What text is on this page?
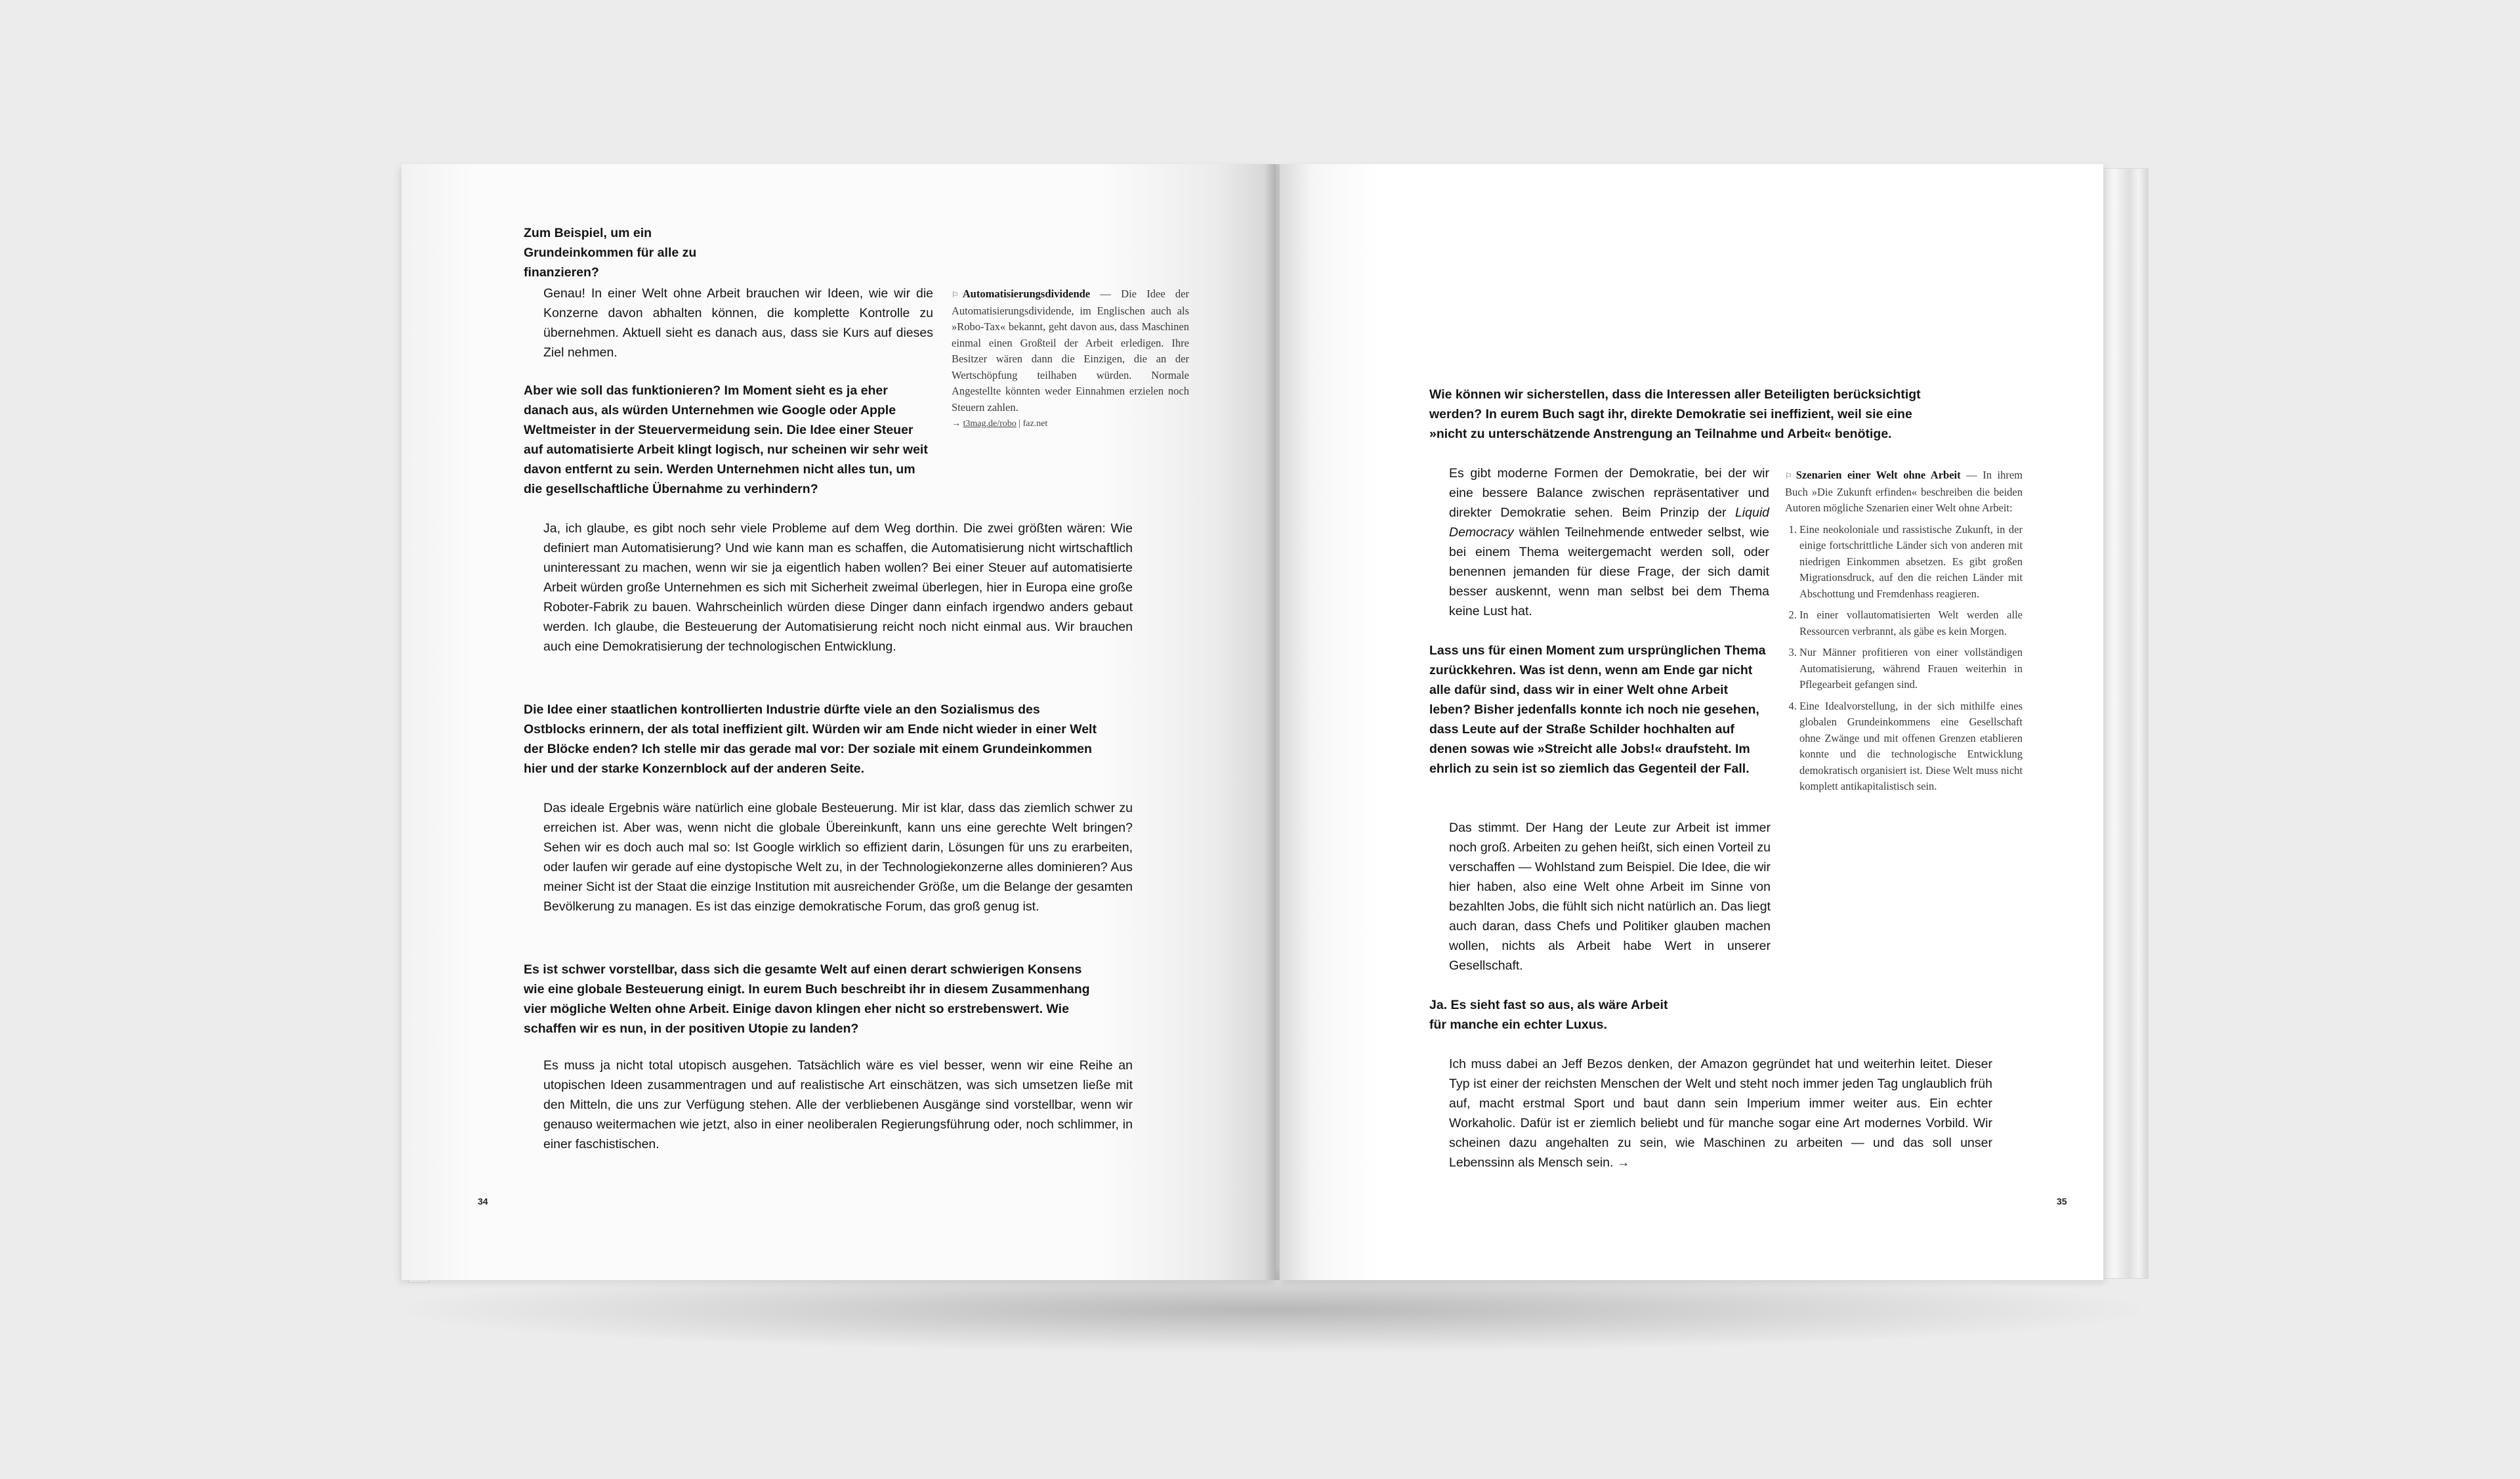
Zum Beispiel, um ein Grundeinkommen für alle zu finanzieren?

Genau! In einer Welt ohne Arbeit brauchen wir Ideen, wie wir die Konzerne davon abhalten können, die komplette Kontrolle zu übernehmen. Aktuell sieht es danach aus, dass sie Kurs auf dieses Ziel nehmen.

⚐ Automatisierungsdividende — Die Idee der Automatisierungsdividende, im Englischen auch als »Robo-Tax« bekannt, geht davon aus, dass Maschinen einmal einen Großteil der Arbeit erledigen. Ihre Besitzer wären dann die Einzigen, die an der Wertschöpfung teilhaben würden. Normale Angestellte könnten weder Einnahmen erzielen noch Steuern zahlen.
→ t3mag.de/robo | faz.net

Aber wie soll das funktionieren? Im Moment sieht es ja eher danach aus, als würden Unternehmen wie Google oder Apple Weltmeister in der Steuervermeidung sein. Die Idee einer Steuer auf automatisierte Arbeit klingt logisch, nur scheinen wir sehr weit davon entfernt zu sein. Werden Unternehmen nicht alles tun, um die gesellschaftliche Übernahme zu verhindern?

Ja, ich glaube, es gibt noch sehr viele Probleme auf dem Weg dorthin. Die zwei größten wären: Wie definiert man Automatisierung? Und wie kann man es schaffen, die Automatisierung nicht wirtschaftlich uninteressant zu machen, wenn wir sie ja eigentlich haben wollen? Bei einer Steuer auf automatisierte Arbeit würden große Unternehmen es sich mit Sicherheit zweimal überlegen, hier in Europa eine große Roboter-Fabrik zu bauen. Wahrscheinlich würden diese Dinger dann einfach irgendwo anders gebaut werden. Ich glaube, die Besteuerung der Automatisierung reicht noch nicht einmal aus. Wir brauchen auch eine Demokratisierung der technologischen Entwicklung.

Die Idee einer staatlichen kontrollierten Industrie dürfte viele an den Sozialismus des Ostblocks erinnern, der als total ineffizient gilt. Würden wir am Ende nicht wieder in einer Welt der Blöcke enden? Ich stelle mir das gerade mal vor: Der soziale mit einem Grundeinkommen hier und der starke Konzernblock auf der anderen Seite.

Das ideale Ergebnis wäre natürlich eine globale Besteuerung. Mir ist klar, dass das ziemlich schwer zu erreichen ist. Aber was, wenn nicht die globale Übereinkunft, kann uns eine gerechte Welt bringen? Sehen wir es doch auch mal so: Ist Google wirklich so effizient darin, Lösungen für uns zu erarbeiten, oder laufen wir gerade auf eine dystopische Welt zu, in der Technologiekonzerne alles dominieren? Aus meiner Sicht ist der Staat die einzige Institution mit ausreichender Größe, um die Belange der gesamten Bevölkerung zu managen. Es ist das einzige demokratische Forum, das groß genug ist.

Es ist schwer vorstellbar, dass sich die gesamte Welt auf einen derart schwierigen Konsens wie eine globale Besteuerung einigt. In eurem Buch beschreibt ihr in diesem Zusammenhang vier mögliche Welten ohne Arbeit. Einige davon klingen eher nicht so erstrebenswert. Wie schaffen wir es nun, in der positiven Utopie zu landen?

Es muss ja nicht total utopisch ausgehen. Tatsächlich wäre es viel besser, wenn wir eine Reihe an utopischen Ideen zusammentragen und auf realistische Art einschätzen, was sich umsetzen ließe mit den Mitteln, die uns zur Verfügung stehen. Alle der verbliebenen Ausgänge sind vorstellbar, wenn wir genauso weitermachen wie jetzt, also in einer neoliberalen Regierungsführung oder, noch schlimmer, in einer faschistischen.

34

Wie können wir sicherstellen, dass die Interessen aller Beteiligten berücksichtigt werden? In eurem Buch sagt ihr, direkte Demokratie sei ineffizient, weil sie eine »nicht zu unterschätzende Anstrengung an Teilnahme und Arbeit« benötige.

Es gibt moderne Formen der Demokratie, bei der wir eine bessere Balance zwischen repräsentativer und direkter Demokratie sehen. Beim Prinzip der Liquid Democracy wählen Teilnehmende entweder selbst, wie bei einem Thema weitergemacht werden soll, oder benennen jemanden für diese Frage, der sich damit besser auskennt, wenn man selbst bei dem Thema keine Lust hat.

⚐ Szenarien einer Welt ohne Arbeit — In ihrem Buch »Die Zukunft erfinden« beschreiben die beiden Autoren mögliche Szenarien einer Welt ohne Arbeit:
1. Eine neokoloniale und rassistische Zukunft, in der einige fortschrittliche Länder sich von anderen mit niedrigen Einkommen absetzen. Es gibt großen Migrationsdruck, auf den die reichen Länder mit Abschottung und Fremdenhass reagieren.
2. In einer vollautomatisierten Welt werden alle Ressourcen verbrannt, als gäbe es kein Morgen.
3. Nur Männer profitieren von einer vollständigen Automatisierung, während Frauen weiterhin in Pflegearbeit gefangen sind.
4. Eine Idealvorstellung, in der sich mithilfe eines globalen Grundeinkommens eine Gesellschaft ohne Zwänge und mit offenen Grenzen etablieren konnte und die technologische Entwicklung demokratisch organisiert ist. Diese Welt muss nicht komplett antikapitalistisch sein.

Lass uns für einen Moment zum ursprünglichen Thema zurückkehren. Was ist denn, wenn am Ende gar nicht alle dafür sind, dass wir in einer Welt ohne Arbeit leben? Bisher jedenfalls konnte ich noch nie gesehen, dass Leute auf der Straße Schilder hochhalten auf denen sowas wie »Streicht alle Jobs!« draufsteht. Im ehrlich zu sein ist so ziemlich das Gegenteil der Fall.

Das stimmt. Der Hang der Leute zur Arbeit ist immer noch groß. Arbeiten zu gehen heißt, sich einen Vorteil zu verschaffen — Wohlstand zum Beispiel. Die Idee, die wir hier haben, also eine Welt ohne Arbeit im Sinne von bezahlten Jobs, die fühlt sich nicht natürlich an. Das liegt auch daran, dass Chefs und Politiker glauben machen wollen, nichts als Arbeit habe Wert in unserer Gesellschaft.

Ja. Es sieht fast so aus, als wäre Arbeit für manche ein echter Luxus.

Ich muss dabei an Jeff Bezos denken, der Amazon gegründet hat und weiterhin leitet. Dieser Typ ist einer der reichsten Menschen der Welt und steht noch immer jeden Tag unglaublich früh auf, macht erstmal Sport und baut dann sein Imperium immer weiter aus. Ein echter Workaholic. Dafür ist er ziemlich beliebt und für manche sogar eine Art modernes Vorbild. Wir scheinen dazu angehalten zu sein, wie Maschinen zu arbeiten — und das soll unser Lebenssinn als Mensch sein. →

35
